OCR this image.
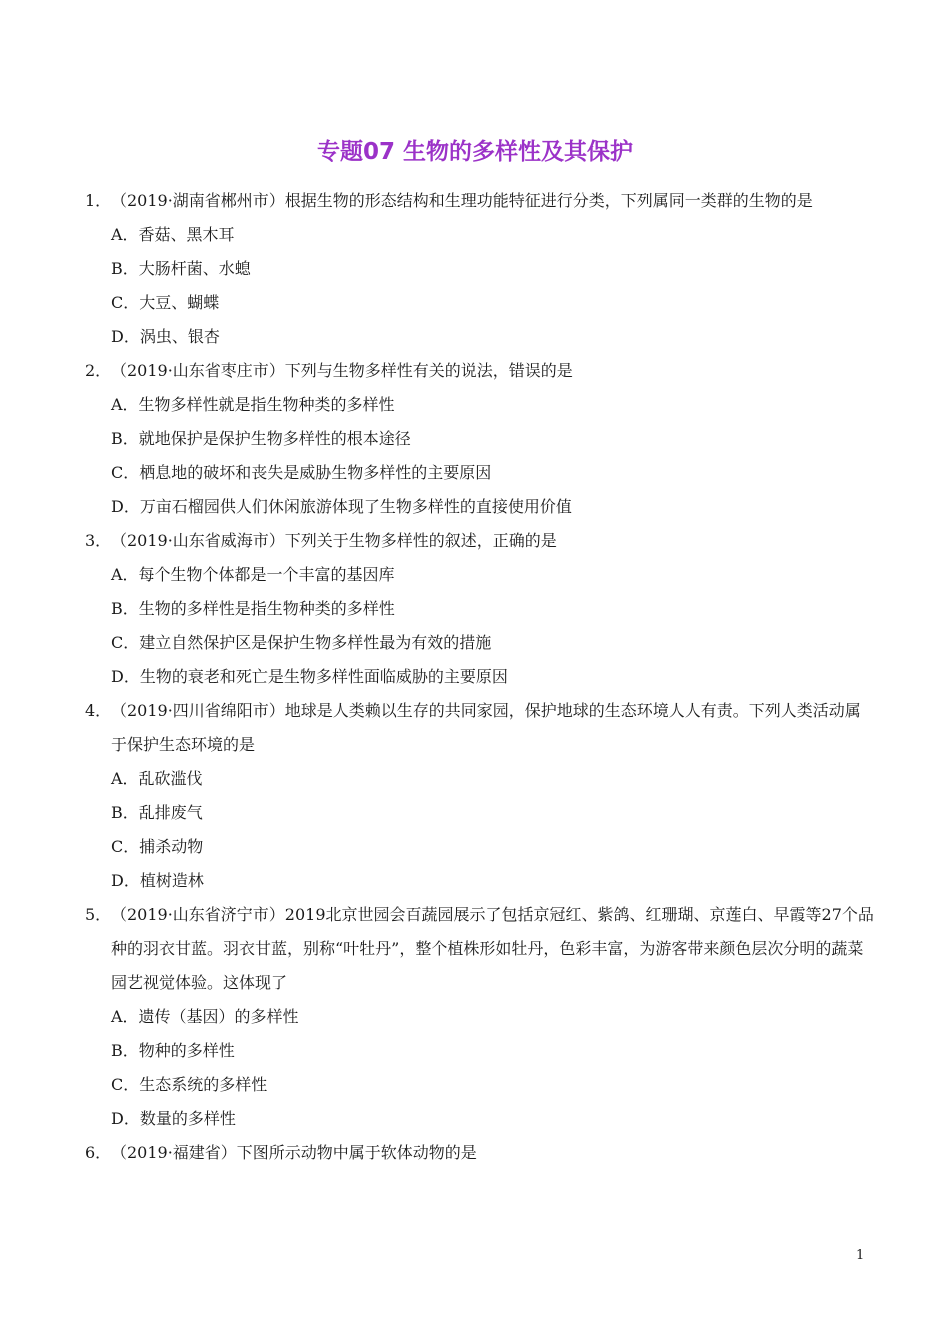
专题07 生物的多样性及其保护
1． （2019·湖南省郴州市）根据生物的形态结构和生理功能特征进行分类，下列属同一类群的生物的是
A．香菇、黑木耳
B．大肠杆菌、水螅
C．大豆、蝴蝶
D．涡虫、银杏
2． （2019·山东省枣庄市）下列与生物多样性有关的说法，错误的是
A．生物多样性就是指生物种类的多样性
B．就地保护是保护生物多样性的根本途径
C．栖息地的破坏和丧失是威胁生物多样性的主要原因
D．万亩石榴园供人们休闲旅游体现了生物多样性的直接使用价值
3． （2019·山东省威海市）下列关于生物多样性的叙述，正确的是
A．每个生物个体都是一个丰富的基因库
B．生物的多样性是指生物种类的多样性
C．建立自然保护区是保护生物多样性最为有效的措施
D．生物的衰老和死亡是生物多样性面临威胁的主要原因
4． （2019·四川省绵阳市）地球是人类赖以生存的共同家园，保护地球的生态环境人人有责。下列人类活动属于保护生态环境的是
A．乱砍滥伐
B．乱排废气
C．捕杀动物
D．植树造林
5． （2019·山东省济宁市）2019北京世园会百蔬园展示了包括京冠红、紫鸽、红珊瑚、京莲白、早霞等27个品种的羽衣甘蓝。羽衣甘蓝，别称“叶牡丹”，整个植株形如牡丹，色彩丰富，为游客带来颜色层次分明的蔬菜园艺视觉体验。这体现了
A．遗传（基因）的多样性
B．物种的多样性
C．生态系统的多样性
D．数量的多样性
6． （2019·福建省）下图所示动物中属于软体动物的是
1
